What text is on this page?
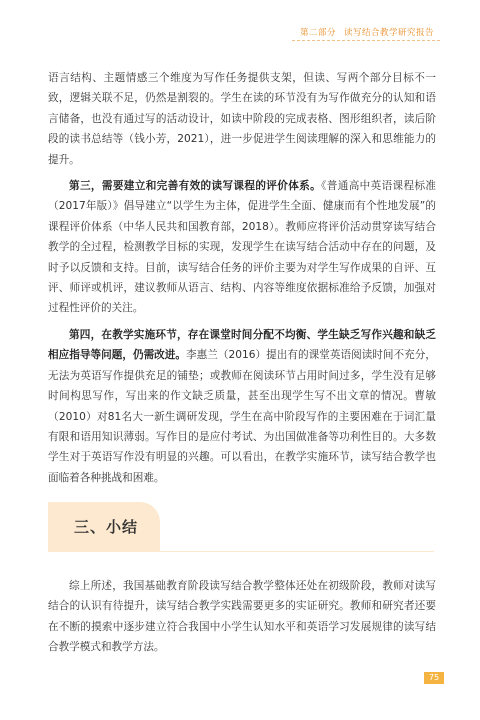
第二部分 读写结合教学研究报告

语言结构、主题情感三个维度为写作任务提供支架，但读、写两个部分目标不一致，逻辑关联不足，仍然是割裂的。学生在读的环节没有为写作做充分的认知和语言储备，也没有通过写的活动设计，如读中阶段的完成表格、图形组织者，读后阶段的读书总结等（钱小芳，2021），进一步促进学生阅读理解的深入和思维能力的提升。

第三，需要建立和完善有效的读写课程的评价体系。《普通高中英语课程标准（2017年版）》倡导建立“以学生为主体，促进学生全面、健康而有个性地发展”的课程评价体系（中华人民共和国教育部，2018）。教师应将评价活动贯穿读写结合教学的全过程，检测教学目标的实现，发现学生在读写结合活动中存在的问题，及时予以反馈和支持。目前，读写结合任务的评价主要为对学生写作成果的自评、互评、师评或机评，建议教师从语言、结构、内容等维度依据标准给予反馈，加强对过程性评价的关注。

第四，在教学实施环节，存在课堂时间分配不均衡、学生缺乏写作兴趣和缺乏相应指导等问题，仍需改进。李惠兰（2016）提出有的课堂英语阅读时间不充分，无法为英语写作提供充足的铺垫；或教师在阅读环节占用时间过多，学生没有足够时间构思写作，写出来的作文缺乏质量，甚至出现学生写不出文章的情况。曹敏（2010）对81名大一新生调研发现，学生在高中阶段写作的主要困难在于词汇量有限和语用知识薄弱。写作目的是应付考试、为出国做准备等功利性目的。大多数学生对于英语写作没有明显的兴趣。可以看出，在教学实施环节，读写结合教学也面临着各种挑战和困难。

三、小结

综上所述，我国基础教育阶段读写结合教学整体还处在初级阶段，教师对读写结合的认识有待提升，读写结合教学实践需要更多的实证研究。教师和研究者还要在不断的摸索中逐步建立符合我国中小学生认知水平和英语学习发展规律的读写结合教学模式和教学方法。

75
